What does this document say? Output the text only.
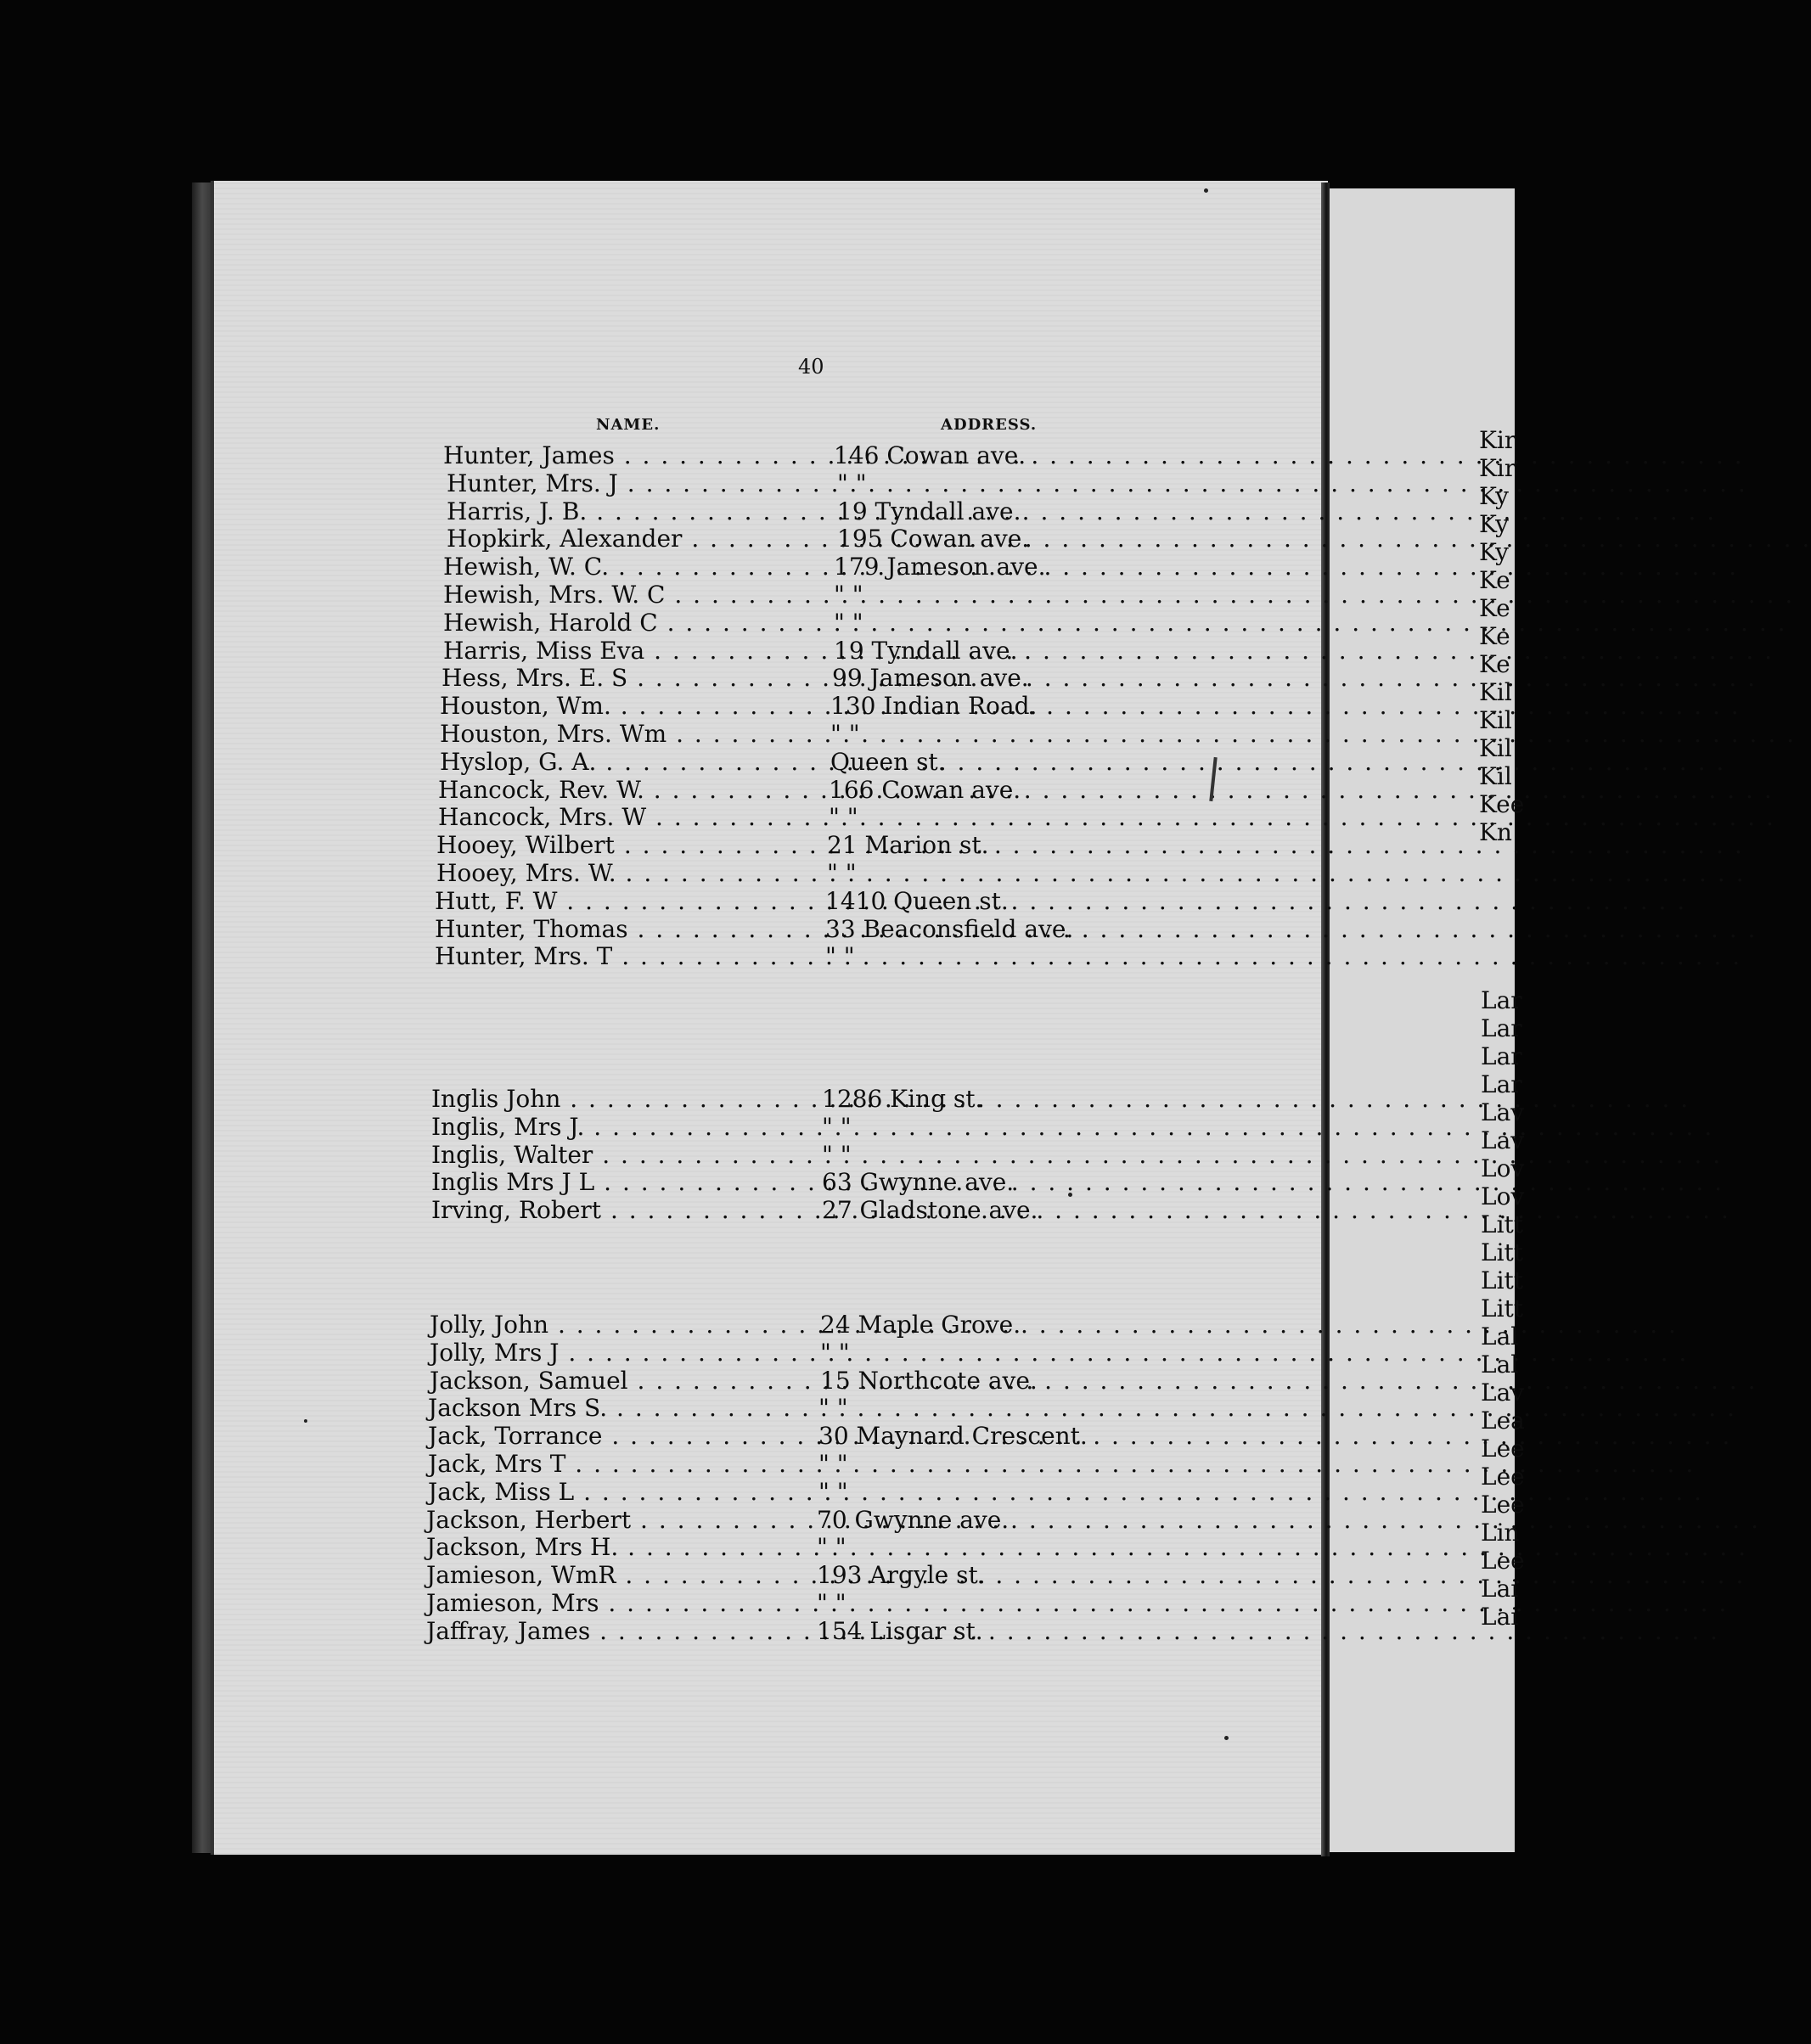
Kir
Kir
Ky
Ky
Ky
Ke
Ke
Ke
Ke
Kil
Kil
Kil
Kil
Kee
Kn
Lar
Lar
Lar
Lar
Lav
Lav
Lov
Lov
Litt
Litt
Litt
Litt
Lal
Lal
Lav
Lea
Lee
Lee
Lee
Lin
Lee
Lai
Lai
40
NAME.	ADDRESS.
Hunter, James . . .	146 Cowan ave.
Hunter, Mrs. J . . .	" "
Harris, J. B. . . .	19 Tyndall ave.
Hopkirk, Alexander . . .	195 Cowan ave.
Hewish, W. C. . . .	179 Jameson ave.
Hewish, Mrs. W. C . . .	" "
Hewish, Harold C . . .	" "
Harris, Miss Eva . . .	19 Tyndall ave.
Hess, Mrs. E. S . . .	99 Jameson ave.
Houston, Wm. . . .	130 Indian Road.
Houston, Mrs. Wm . . .	" "
Hyslop, G. A. . . .	Queen st.
Hancock, Rev. W. . . .	166 Cowan ave.
Hancock, Mrs. W . . .	" "
Hooey, Wilbert . . .	21 Marion st.
Hooey, Mrs. W. . . .	" "
Hutt, F. W . . .	1410 Queen st.
Hunter, Thomas . . .	33 Beaconsfield ave.
Hunter, Mrs. T . . .	" "
Inglis John . . .	1286 King st.
Inglis, Mrs J. . . .	" "
Inglis, Walter . . .	" "
Inglis Mrs J L . . .	63 Gwynne ave.
Irving, Robert . . .	27 Gladstone ave.
Jolly, John . . .	24 Maple Grove.
Jolly, Mrs J . . .	" "
Jackson, Samuel . . .	15 Northcote ave.
Jackson Mrs S. . . .	" "
Jack, Torrance . . .	30 Maynard Crescent.
Jack, Mrs T . . .	" "
Jack, Miss L . . .	" "
Jackson, Herbert . . .	70 Gwynne ave.
Jackson, Mrs H. . . .	" "
Jamieson, WmR . . .	193 Argyle st.
Jamieson, Mrs . . .	" "
Jaffray, James . . .	154 Lisgar st.
